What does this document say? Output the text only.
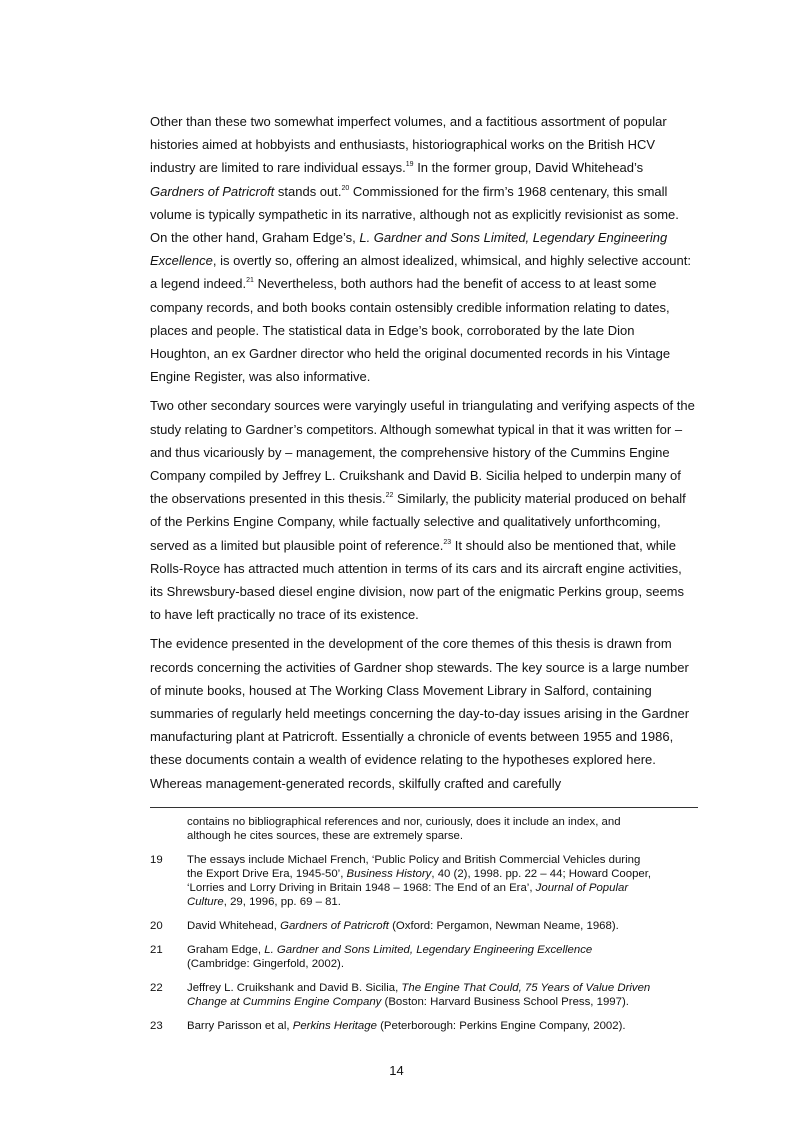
Other than these two somewhat imperfect volumes, and a factitious assortment of popular histories aimed at hobbyists and enthusiasts, historiographical works on the British HCV industry are limited to rare individual essays.$^{19}$ In the former group, David Whitehead’s Gardners of Patricroft stands out.$^{20}$ Commissioned for the firm’s 1968 centenary, this small volume is typically sympathetic in its narrative, although not as explicitly revisionist as some. On the other hand, Graham Edge’s, L. Gardner and Sons Limited, Legendary Engineering Excellence, is overtly so, offering an almost idealized, whimsical, and highly selective account: a legend indeed.$^{21}$ Nevertheless, both authors had the benefit of access to at least some company records, and both books contain ostensibly credible information relating to dates, places and people. The statistical data in Edge’s book, corroborated by the late Dion Houghton, an ex Gardner director who held the original documented records in his Vintage Engine Register, was also informative.

Two other secondary sources were varyingly useful in triangulating and verifying aspects of the study relating to Gardner’s competitors. Although somewhat typical in that it was written for – and thus vicariously by – management, the comprehensive history of the Cummins Engine Company compiled by Jeffrey L. Cruikshank and David B. Sicilia helped to underpin many of the observations presented in this thesis.$^{22}$ Similarly, the publicity material produced on behalf of the Perkins Engine Company, while factually selective and qualitatively unforthcoming, served as a limited but plausible point of reference.$^{23}$ It should also be mentioned that, while Rolls-Royce has attracted much attention in terms of its cars and its aircraft engine activities, its Shrewsbury-based diesel engine division, now part of the enigmatic Perkins group, seems to have left practically no trace of its existence.

The evidence presented in the development of the core themes of this thesis is drawn from records concerning the activities of Gardner shop stewards. The key source is a large number of minute books, housed at The Working Class Movement Library in Salford, containing summaries of regularly held meetings concerning the day-to-day issues arising in the Gardner manufacturing plant at Patricroft. Essentially a chronicle of events between 1955 and 1986, these documents contain a wealth of evidence relating to the hypotheses explored here. Whereas management-generated records, skilfully crafted and carefully

contains no bibliographical references and nor, curiously, does it include an index, and although he cites sources, these are extremely sparse.
19	The essays include Michael French, ‘Public Policy and British Commercial Vehicles during the Export Drive Era, 1945-50’, Business History, 40 (2), 1998. pp. 22 – 44; Howard Cooper, ‘Lorries and Lorry Driving in Britain 1948 – 1968: The End of an Era’, Journal of Popular Culture, 29, 1996, pp. 69 – 81.
20	David Whitehead, Gardners of Patricroft (Oxford: Pergamon, Newman Neame, 1968).
21	Graham Edge, L. Gardner and Sons Limited, Legendary Engineering Excellence (Cambridge: Gingerfold, 2002).
22	Jeffrey L. Cruikshank and David B. Sicilia, The Engine That Could, 75 Years of Value Driven Change at Cummins Engine Company (Boston: Harvard Business School Press, 1997).
23	Barry Parisson et al, Perkins Heritage (Peterborough: Perkins Engine Company, 2002).
14
